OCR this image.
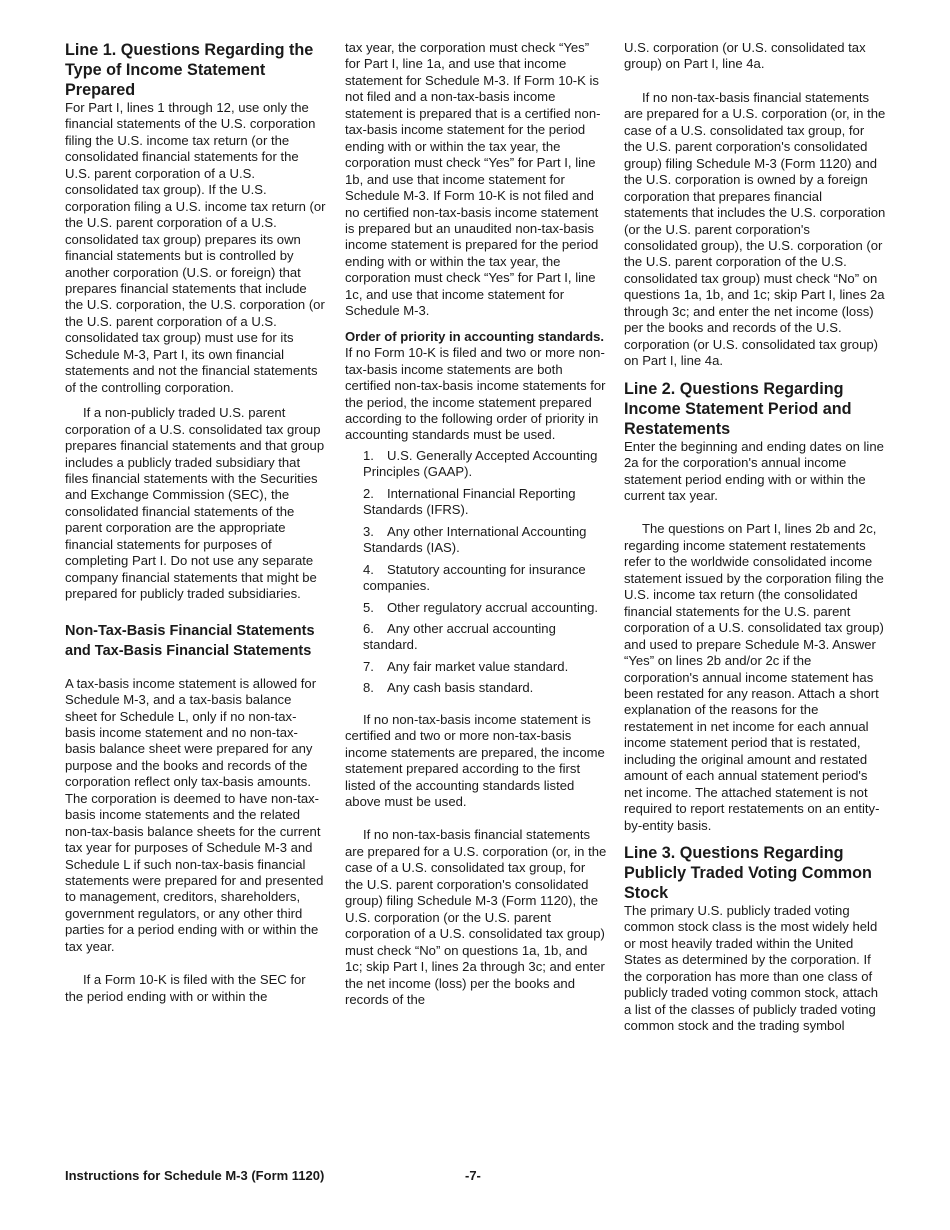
Line 1. Questions Regarding the Type of Income Statement Prepared

For Part I, lines 1 through 12, use only the financial statements of the U.S. corporation filing the U.S. income tax return (or the consolidated financial statements for the U.S. parent corporation of a U.S. consolidated tax group). If the U.S. corporation filing a U.S. income tax return (or the U.S. parent corporation of a U.S. consolidated tax group) prepares its own financial statements but is controlled by another corporation (U.S. or foreign) that prepares financial statements that include the U.S. corporation, the U.S. corporation (or the U.S. parent corporation of a U.S. consolidated tax group) must use for its Schedule M-3, Part I, its own financial statements and not the financial statements of the controlling corporation.

If a non-publicly traded U.S. parent corporation of a U.S. consolidated tax group prepares financial statements and that group includes a publicly traded subsidiary that files financial statements with the Securities and Exchange Commission (SEC), the consolidated financial statements of the parent corporation are the appropriate financial statements for purposes of completing Part I. Do not use any separate company financial statements that might be prepared for publicly traded subsidiaries.

Non-Tax-Basis Financial Statements and Tax-Basis Financial Statements

A tax-basis income statement is allowed for Schedule M-3, and a tax-basis balance sheet for Schedule L, only if no non-tax-basis income statement and no non-tax-basis balance sheet were prepared for any purpose and the books and records of the corporation reflect only tax-basis amounts. The corporation is deemed to have non-tax-basis income statements and the related non-tax-basis balance sheets for the current tax year for purposes of Schedule M-3 and Schedule L if such non-tax-basis financial statements were prepared for and presented to management, creditors, shareholders, government regulators, or any other third parties for a period ending with or within the tax year.

If a Form 10-K is filed with the SEC for the period ending with or within the

tax year, the corporation must check “Yes” for Part I, line 1a, and use that income statement for Schedule M-3. If Form 10-K is not filed and a non-tax-basis income statement is prepared that is a certified non-tax-basis income statement for the period ending with or within the tax year, the corporation must check “Yes” for Part I, line 1b, and use that income statement for Schedule M-3. If Form 10-K is not filed and no certified non-tax-basis income statement is prepared but an unaudited non-tax-basis income statement is prepared for the period ending with or within the tax year, the corporation must check “Yes” for Part I, line 1c, and use that income statement for Schedule M-3.

Order of priority in accounting standards. If no Form 10-K is filed and two or more non-tax-basis income statements are both certified non-tax-basis income statements for the period, the income statement prepared according to the following order of priority in accounting standards must be used.

1. U.S. Generally Accepted Accounting Principles (GAAP).

2. International Financial Reporting Standards (IFRS).

3. Any other International Accounting Standards (IAS).

4. Statutory accounting for insurance companies.

5. Other regulatory accrual accounting.

6. Any other accrual accounting standard.

7. Any fair market value standard.

8. Any cash basis standard.

If no non-tax-basis income statement is certified and two or more non-tax-basis income statements are prepared, the income statement prepared according to the first listed of the accounting standards listed above must be used.

If no non-tax-basis financial statements are prepared for a U.S. corporation (or, in the case of a U.S. consolidated tax group, for the U.S. parent corporation's consolidated group) filing Schedule M-3 (Form 1120), the U.S. corporation (or the U.S. parent corporation of a U.S. consolidated tax group) must check “No” on questions 1a, 1b, and 1c; skip Part I, lines 2a through 3c; and enter the net income (loss) per the books and records of the

U.S. corporation (or U.S. consolidated tax group) on Part I, line 4a.

If no non-tax-basis financial statements are prepared for a U.S. corporation (or, in the case of a U.S. consolidated tax group, for the U.S. parent corporation's consolidated group) filing Schedule M-3 (Form 1120) and the U.S. corporation is owned by a foreign corporation that prepares financial statements that includes the U.S. corporation (or the U.S. parent corporation's consolidated group), the U.S. corporation (or the U.S. parent corporation of the U.S. consolidated tax group) must check “No” on questions 1a, 1b, and 1c; skip Part I, lines 2a through 3c; and enter the net income (loss) per the books and records of the U.S. corporation (or U.S. consolidated tax group) on Part I, line 4a.

Line 2. Questions Regarding Income Statement Period and Restatements

Enter the beginning and ending dates on line 2a for the corporation's annual income statement period ending with or within the current tax year.

The questions on Part I, lines 2b and 2c, regarding income statement restatements refer to the worldwide consolidated income statement issued by the corporation filing the U.S. income tax return (the consolidated financial statements for the U.S. parent corporation of a U.S. consolidated tax group) and used to prepare Schedule M-3. Answer “Yes” on lines 2b and/or 2c if the corporation's annual income statement has been restated for any reason. Attach a short explanation of the reasons for the restatement in net income for each annual income statement period that is restated, including the original amount and restated amount of each annual statement period's net income. The attached statement is not required to report restatements on an entity-by-entity basis.

Line 3. Questions Regarding Publicly Traded Voting Common Stock

The primary U.S. publicly traded voting common stock class is the most widely held or most heavily traded within the United States as determined by the corporation. If the corporation has more than one class of publicly traded voting common stock, attach a list of the classes of publicly traded voting common stock and the trading symbol

Instructions for Schedule M-3 (Form 1120)	-7-
